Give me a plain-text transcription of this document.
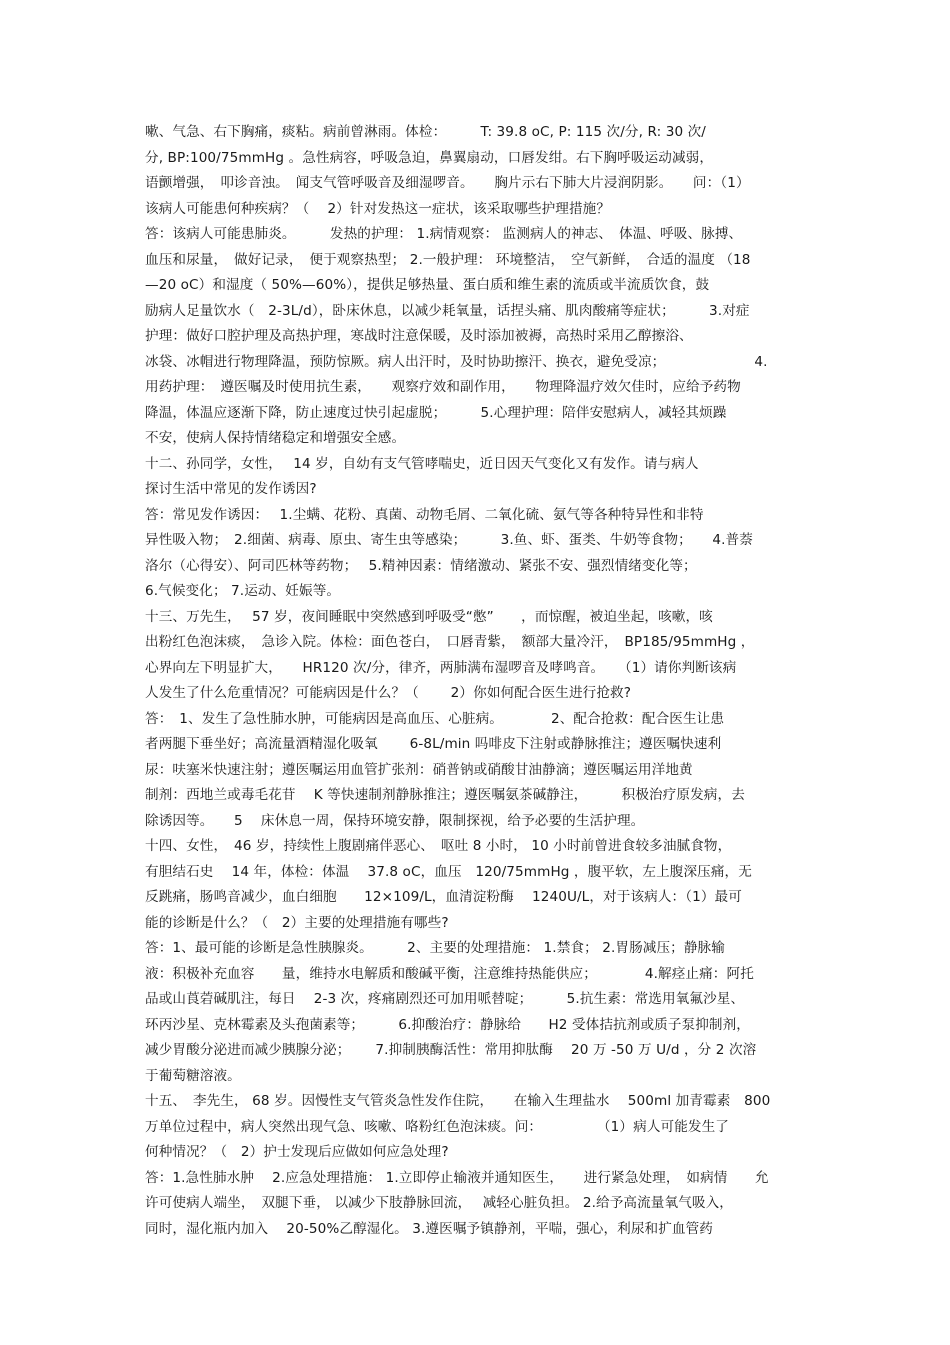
嗽、气急、右下胸痛，痰粘。病前曾淋雨。体检：　　　T: 39.8 oC, P: 115 次/分, R: 30 次/
分, BP:100/75mmHg 。急性病容，呼吸急迫，鼻翼扇动，口唇发绀。右下胸呼吸运动减弱，
语颤增强，　叩诊音浊。　闻支气管呼吸音及细湿啰音。　　胸片示右下肺大片浸润阴影。　　问：（1）
该病人可能患何种疾病？（　 2）针对发热这一症状，该采取哪些护理措施？
答：该病人可能患肺炎。　　　发热的护理： 1.病情观察： 监测病人的神志、　体温、呼吸、脉搏、
血压和尿量，　做好记录，　便于观察热型； 2.一般护理： 环境整洁，　空气新鲜，　合适的温度 （18
—20 oC）和湿度（ 50%—60%），提供足够热量、蛋白质和维生素的流质或半流质饮食，鼓
励病人足量饮水（　2-3L/d），卧床休息，以减少耗氧量，话捏头痛、肌肉酸痛等症状；　　　3.对症
护理：做好口腔护理及高热护理，寒战时注意保暖，及时添加被褥，高热时采用乙醇擦浴、
冰袋、冰帽进行物理降温，预防惊厥。病人出汗时，及时协助擦汗、换衣，避免受凉；　　　　　　　4.
用药护理：　遵医嘱及时使用抗生素，　　观察疗效和副作用，　　物理降温疗效欠佳时，应给予药物
降温，体温应逐渐下降，防止速度过快引起虚脱；　　　5.心理护理：陪伴安慰病人，减轻其烦躁
不安，使病人保持情绪稳定和增强安全感。
十二、孙同学，女性，　 14 岁，自幼有支气管哮喘史，近日因天气变化又有发作。请与病人
探讨生活中常见的发作诱因?
答：常见发作诱因：　 1.尘螨、花粉、真菌、动物毛屑、二氧化硫、氨气等各种特异性和非特
异性吸入物；　2.细菌、病毒、原虫、寄生虫等感染；　　　3.鱼、虾、蛋类、牛奶等食物；　　4.普萘
洛尔（心得安）、阿司匹林等药物；　 5.精神因素：情绪激动、紧张不安、强烈情绪变化等；
6.气候变化； 7.运动、妊娠等。
十三、万先生，　 57 岁，夜间睡眠中突然感到呼吸受“憋”　　，而惊醒，被迫坐起，咳嗽，咳
出粉红色泡沫痰，　急诊入院。体检：面色苍白，　口唇青紫，　额部大量冷汗，　BP185/95mmHg ，
心界向左下明显扩大，　　HR120 次/分，律齐，两肺满布湿啰音及哮鸣音。　　（1）请你判断该病
人发生了什么危重情况？可能病因是什么？（　　 2）你如何配合医生进行抢救?
答：　1、发生了急性肺水肿，可能病因是高血压、心脏病。　　　　2、配合抢救：配合医生让患
者两腿下垂坐好；高流量酒精湿化吸氧　　 6-8L/min 吗啡皮下注射或静脉推注；遵医嘱快速利
尿：呋塞米快速注射；遵医嘱运用血管扩张剂：硝普钠或硝酸甘油静滴；遵医嘱运用洋地黄
制剂：西地兰或毒毛花苷　 K 等快速制剂静脉推注；遵医嘱氨茶碱静注，　　　积极治疗原发病，去
除诱因等。　　5　 床休息一周，保持环境安静，限制探视，给予必要的生活护理。
十四、女性，　46 岁，持续性上腹剧痛伴恶心、　呕吐 8 小时， 10 小时前曾进食较多油腻食物，
有胆结石史　 14 年，体检：体温　 37.8 oC，血压　120/75mmHg ，腹平软，左上腹深压痛，无
反跳痛，肠鸣音减少，血白细胞　　12×109/L，血清淀粉酶　 1240U/L，对于该病人：（1）最可
能的诊断是什么？（　2）主要的处理措施有哪些?
答：1、最可能的诊断是急性胰腺炎。　　　2、主要的处理措施： 1.禁食； 2.胃肠减压；静脉输
液：积极补充血容　　量，维持水电解质和酸碱平衡，注意维持热能供应；　　　　4.解痉止痛：阿托
品或山莨菪碱肌注，每日　 2-3 次，疼痛剧烈还可加用哌替啶；　　　5.抗生素：常选用氧氟沙星、
环丙沙星、克林霉素及头孢菌素等；　　　6.抑酸治疗：静脉给　　H2 受体拮抗剂或质子泵抑制剂，
减少胃酸分泌进而减少胰腺分泌；　　 7.抑制胰酶活性：常用抑肽酶　 20 万 -50 万 U/d ，分 2 次溶
于葡萄糖溶液。
十五、　李先生， 68 岁。因慢性支气管炎急性发作住院，　　在输入生理盐水　 500ml 加青霉素　800
万单位过程中，病人突然出现气急、咳嗽、咯粉红色泡沫痰。问：　　　　　（1）病人可能发生了
何种情况？（　2）护士发现后应做如何应急处理?
答：1.急性肺水肿　 2.应急处理措施： 1.立即停止输液并通知医生，　　进行紧急处理，　如病情　　允
许可使病人端坐，　双腿下垂， 以减少下肢静脉回流，　 减轻心脏负担。 2.给予高流量氧气吸入，
同时，湿化瓶内加入　 20-50%乙醇湿化。 3.遵医嘱予镇静剂，平喘，强心，利尿和扩血管药
